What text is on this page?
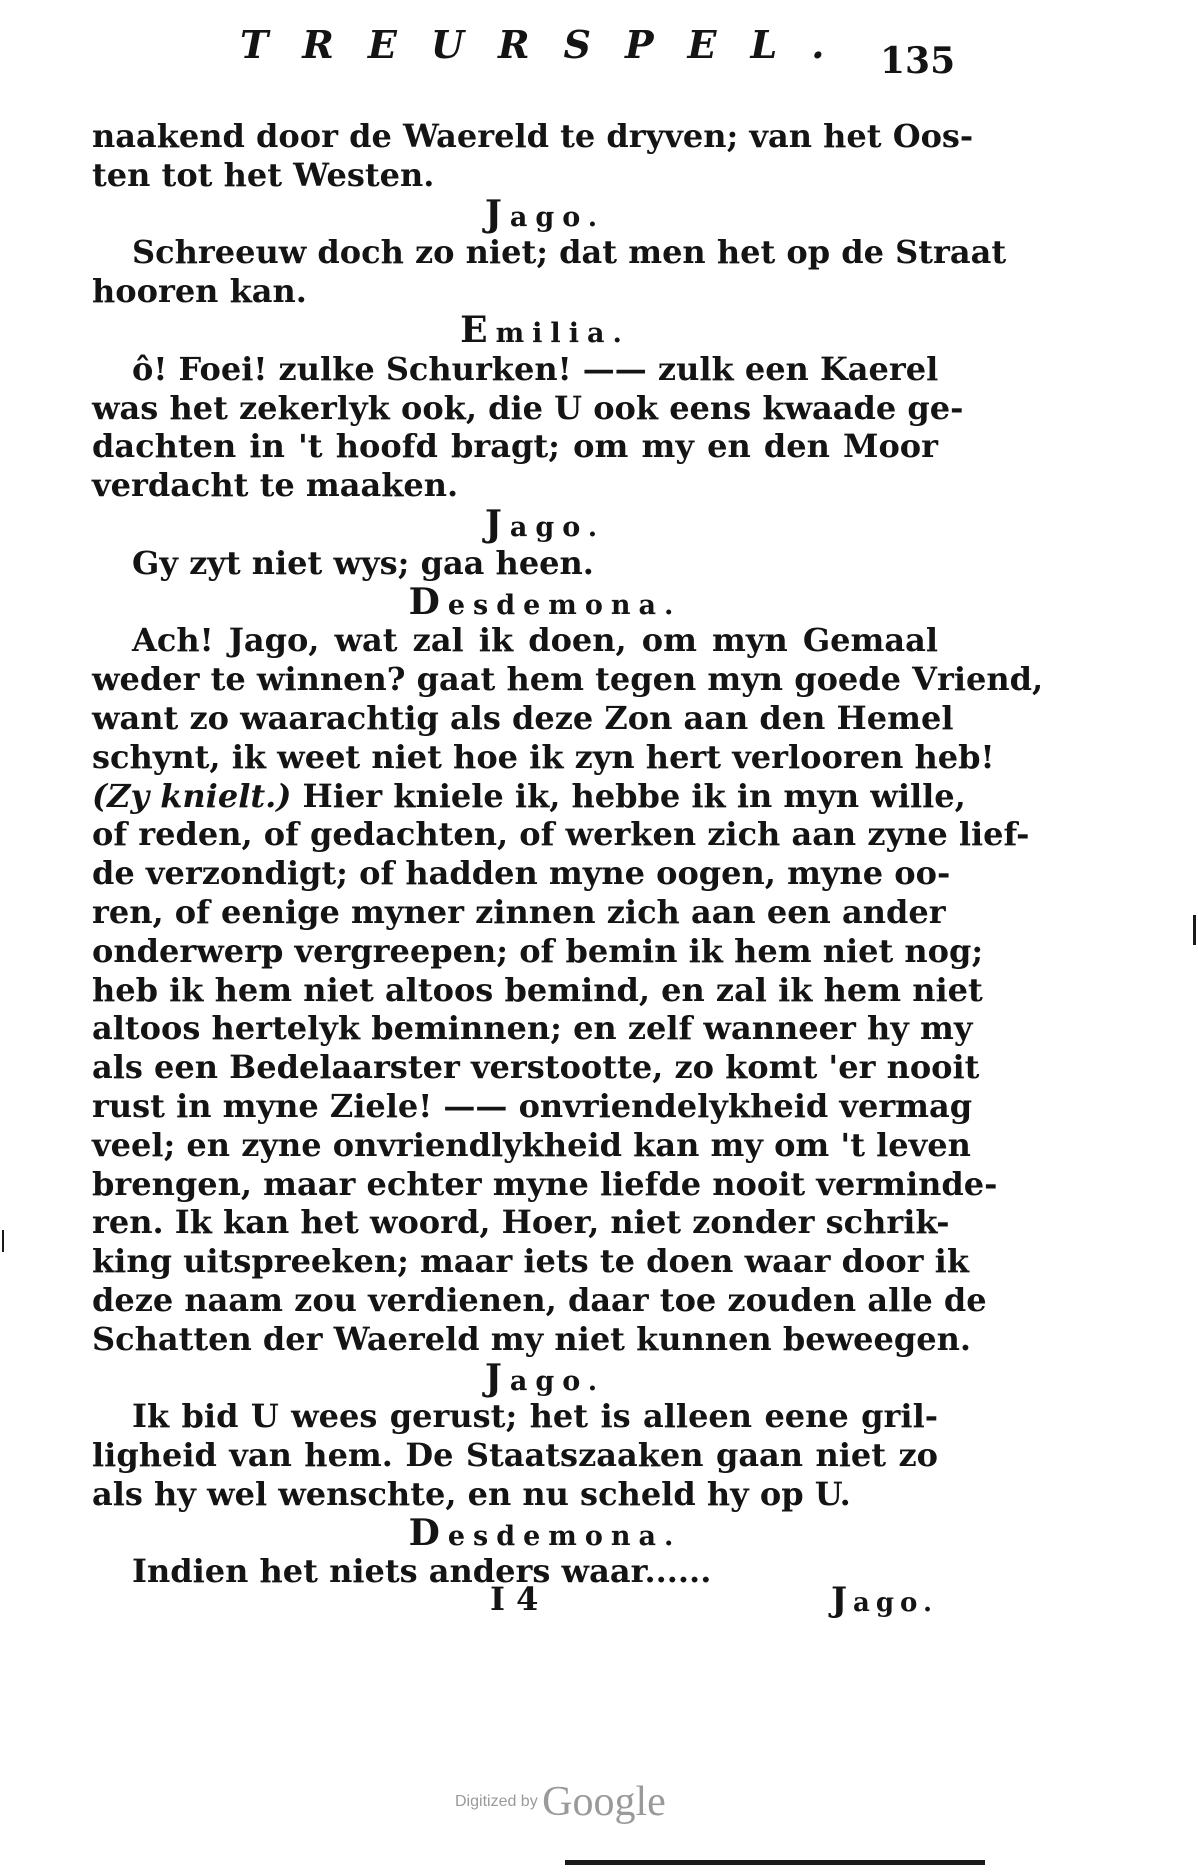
TREURSPEL. 135
naakend door de Waereld te dryven; van het Oos-
ten tot het Westen.
Jago.
Schreeuw doch zo niet; dat men het op de Straat
hooren kan.
Emilia.
ô! Foei! zulke Schurken! —— zulk een Kaerel
was het zekerlyk ook, die U ook eens kwaade ge-
dachten in 't hoofd bragt; om my en den Moor
verdacht te maaken.
Jago.
Gy zyt niet wys; gaa heen.
Desdemona.
Ach! Jago, wat zal ik doen, om myn Gemaal
weder te winnen? gaat hem tegen myn goede Vriend,
want zo waarachtig als deze Zon aan den Hemel
schynt, ik weet niet hoe ik zyn hert verlooren heb!
(Zy knielt.) Hier kniele ik, hebbe ik in myn wille,
of reden, of gedachten, of werken zich aan zyne lief-
de verzondigt; of hadden myne oogen, myne oo-
ren, of eenige myner zinnen zich aan een ander
onderwerp vergreepen; of bemin ik hem niet nog;
heb ik hem niet altoos bemind, en zal ik hem niet
altoos hertelyk beminnen; en zelf wanneer hy my
als een Bedelaarster verstootte, zo komt 'er nooit
rust in myne Ziele! —— onvriendelykheid vermag
veel; en zyne onvriendlykheid kan my om 't leven
brengen, maar echter myne liefde nooit verminde-
ren. Ik kan het woord, Hoer, niet zonder schrik-
king uitspreeken; maar iets te doen waar door ik
deze naam zou verdienen, daar toe zouden alle de
Schatten der Waereld my niet kunnen beweegen.
Jago.
Ik bid U wees gerust; het is alleen eene gril-
ligheid van hem. De Staatszaaken gaan niet zo
als hy wel wenschte, en nu scheld hy op U.
Desdemona.
Indien het niets anders waar......
I 4	Jago.
Digitized by Google
